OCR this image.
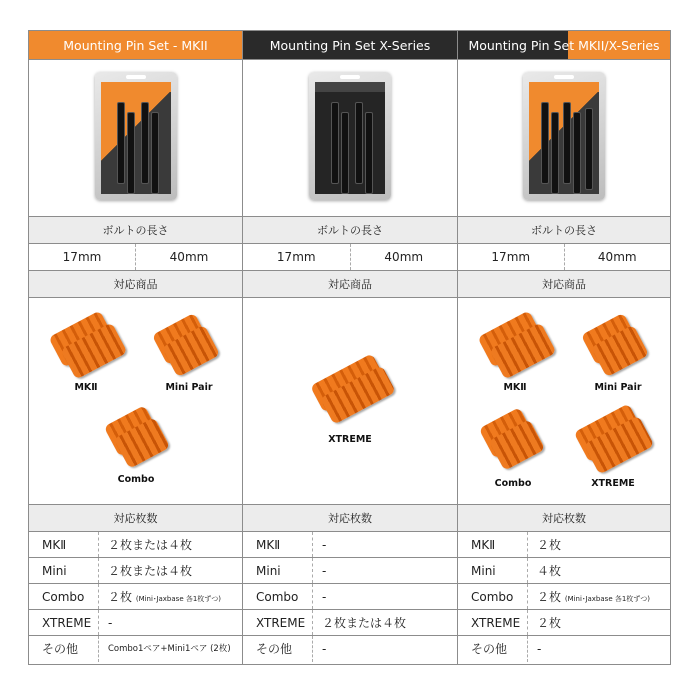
Mounting Pin Set - MKII
ボルトの長さ
17mm	40mm
対応商品
MKⅡ	Mini Pair
Combo
対応枚数
MKⅡ	２枚または４枚
Mini	２枚または４枚
Combo	２枚 (Mini･Jaxbase 各1枚ずつ)
XTREME	-
その他	Combo1ペア+Mini1ペア (2枚)
Mounting Pin Set X-Series
ボルトの長さ
17mm	40mm
対応商品
XTREME
対応枚数
MKⅡ	-
Mini	-
Combo	-
XTREME	２枚または４枚
その他	-
Mounting Pin Set MKII/X-Series
ボルトの長さ
17mm	40mm
対応商品
MKⅡ	Mini Pair
Combo	XTREME
対応枚数
MKⅡ	２枚
Mini	４枚
Combo	２枚 (Mini･Jaxbase 各1枚ずつ)
XTREME	２枚
その他	-
